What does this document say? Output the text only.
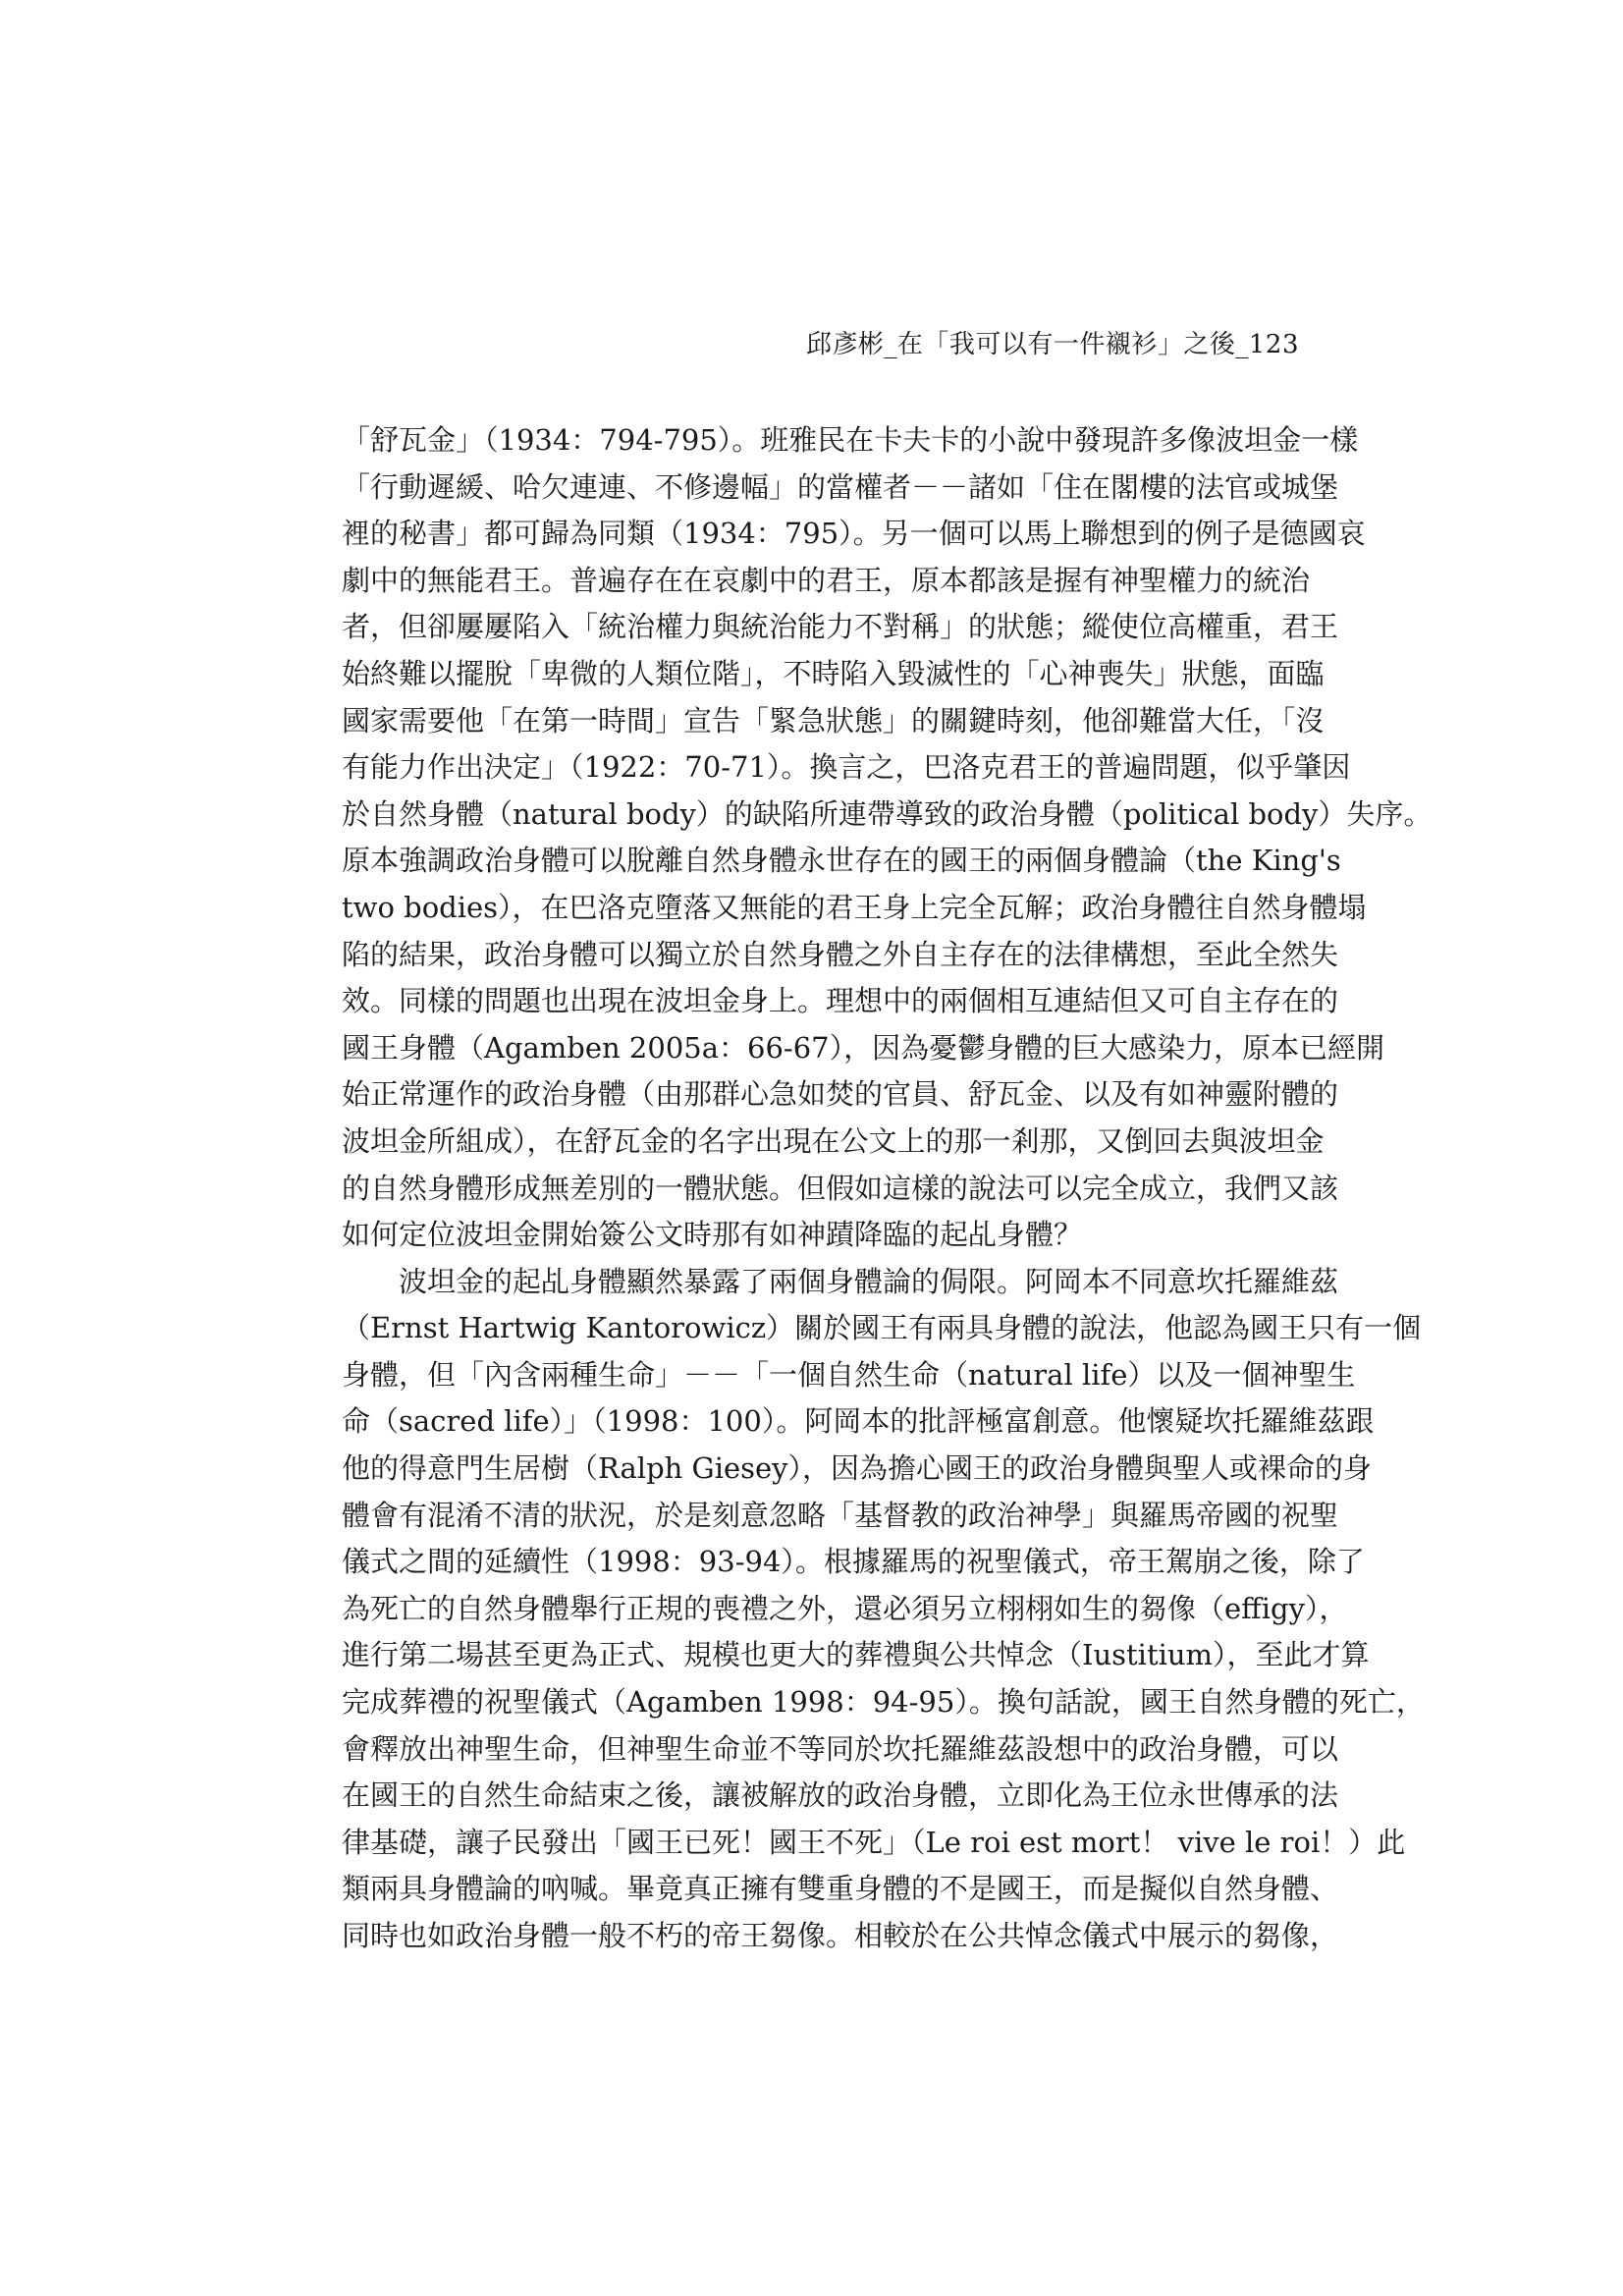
邱彥彬_在「我可以有一件襯衫」之後_123
「舒瓦金」（1934：794-795）。班雅民在卡夫卡的小說中發現許多像波坦金一樣
「行動遲緩、哈欠連連、不修邊幅」的當權者－－諸如「住在閣樓的法官或城堡
裡的秘書」都可歸為同類（1934：795）。另一個可以馬上聯想到的例子是德國哀
劇中的無能君王。普遍存在在哀劇中的君王，原本都該是握有神聖權力的統治
者，但卻屢屢陷入「統治權力與統治能力不對稱」的狀態；縱使位高權重，君王
始終難以擺脫「卑微的人類位階」，不時陷入毀滅性的「心神喪失」狀態，面臨
國家需要他「在第一時間」宣告「緊急狀態」的關鍵時刻，他卻難當大任，「沒
有能力作出決定」（1922：70-71）。換言之，巴洛克君王的普遍問題，似乎肇因
於自然身體（natural body）的缺陷所連帶導致的政治身體（political body）失序。
原本強調政治身體可以脫離自然身體永世存在的國王的兩個身體論（the King's
two bodies），在巴洛克墮落又無能的君王身上完全瓦解；政治身體往自然身體塌
陷的結果，政治身體可以獨立於自然身體之外自主存在的法律構想，至此全然失
效。同樣的問題也出現在波坦金身上。理想中的兩個相互連結但又可自主存在的
國王身體（Agamben 2005a：66-67），因為憂鬱身體的巨大感染力，原本已經開
始正常運作的政治身體（由那群心急如焚的官員、舒瓦金、以及有如神靈附體的
波坦金所組成），在舒瓦金的名字出現在公文上的那一剎那，又倒回去與波坦金
的自然身體形成無差別的一體狀態。但假如這樣的說法可以完全成立，我們又該
如何定位波坦金開始簽公文時那有如神蹟降臨的起乩身體？
波坦金的起乩身體顯然暴露了兩個身體論的侷限。阿岡本不同意坎托羅維茲
（Ernst Hartwig Kantorowicz）關於國王有兩具身體的說法，他認為國王只有一個
身體，但「內含兩種生命」－－「一個自然生命（natural life）以及一個神聖生
命（sacred life）」（1998：100）。阿岡本的批評極富創意。他懷疑坎托羅維茲跟
他的得意門生居樹（Ralph Giesey），因為擔心國王的政治身體與聖人或裸命的身
體會有混淆不清的狀況，於是刻意忽略「基督教的政治神學」與羅馬帝國的祝聖
儀式之間的延續性（1998：93-94）。根據羅馬的祝聖儀式，帝王駕崩之後，除了
為死亡的自然身體舉行正規的喪禮之外，還必須另立栩栩如生的芻像（effigy），
進行第二場甚至更為正式、規模也更大的葬禮與公共悼念（Iustitium），至此才算
完成葬禮的祝聖儀式（Agamben 1998：94-95）。換句話說，國王自然身體的死亡，
會釋放出神聖生命，但神聖生命並不等同於坎托羅維茲設想中的政治身體，可以
在國王的自然生命結束之後，讓被解放的政治身體，立即化為王位永世傳承的法
律基礎，讓子民發出「國王已死！國王不死」（Le roi est mort！ vive le roi！）此
類兩具身體論的吶喊。畢竟真正擁有雙重身體的不是國王，而是擬似自然身體、
同時也如政治身體一般不朽的帝王芻像。相較於在公共悼念儀式中展示的芻像，
